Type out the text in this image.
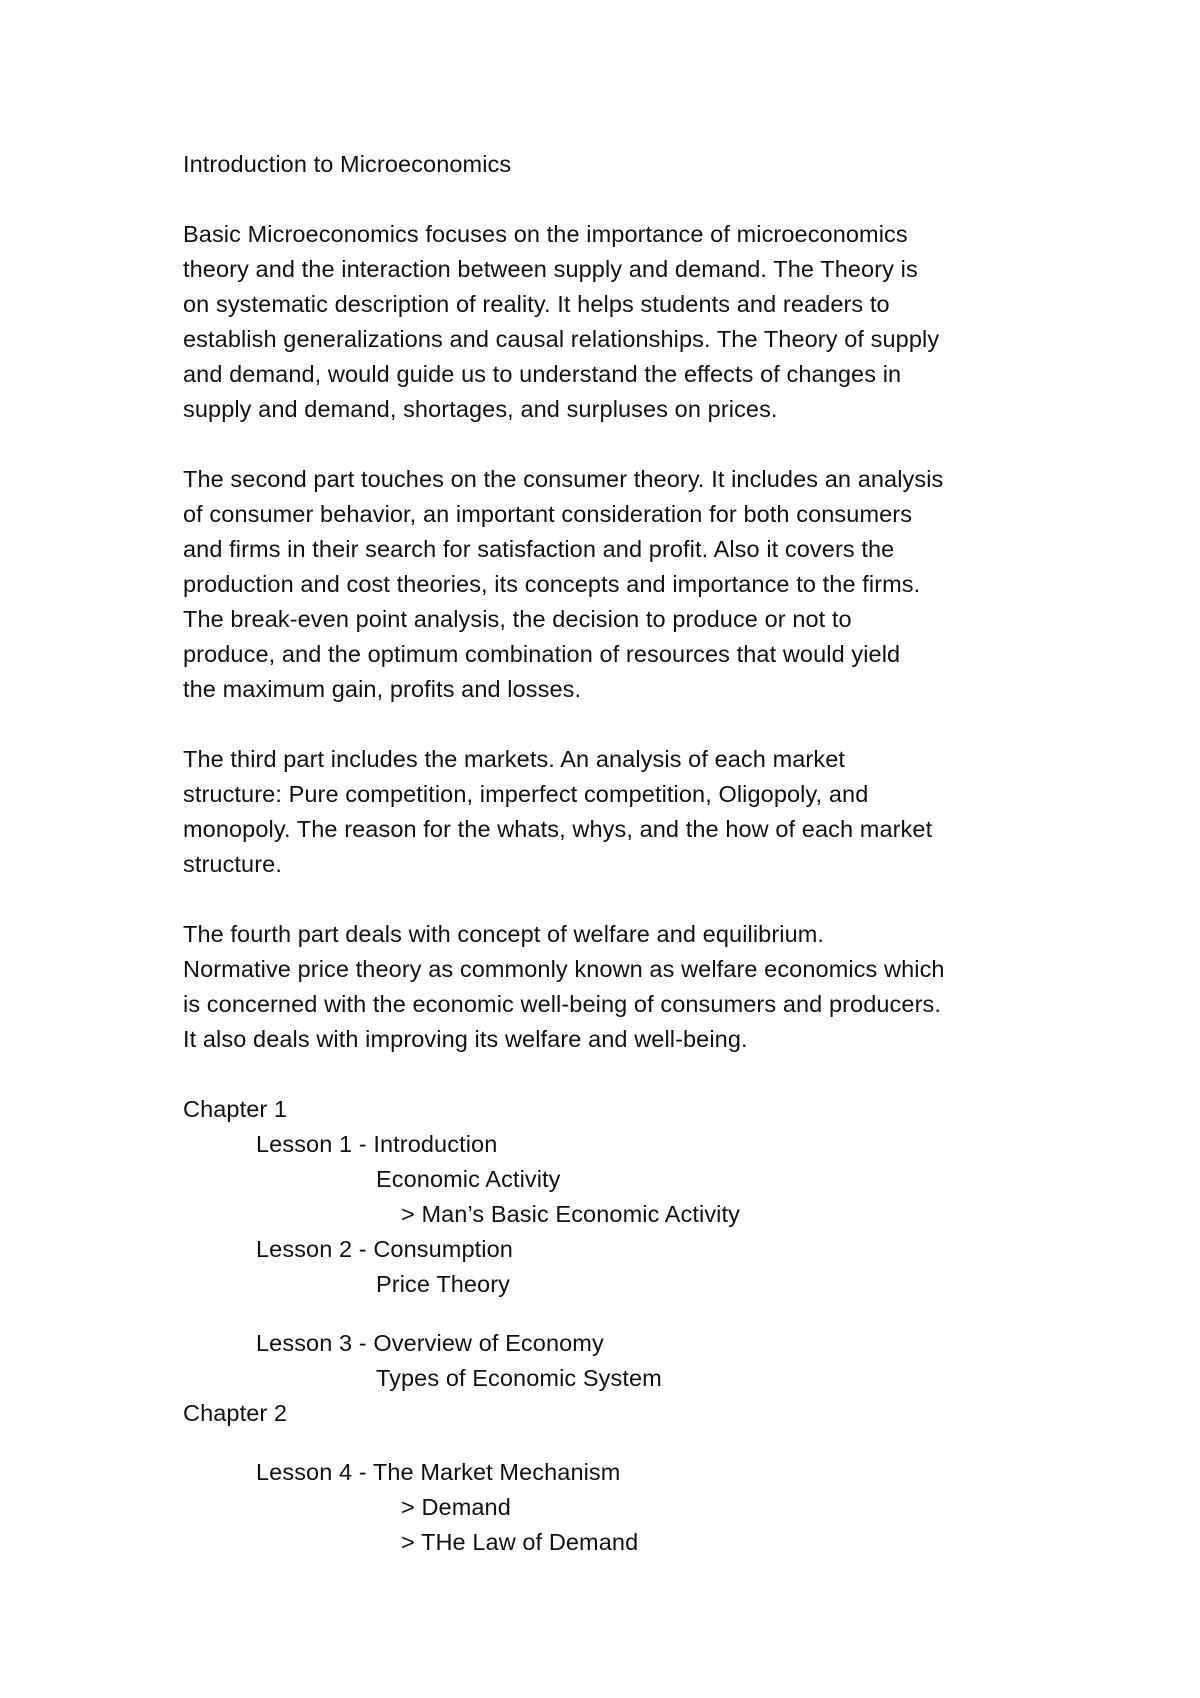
Introduction to Microeconomics
Basic Microeconomics focuses on the importance of microeconomics
theory and the interaction between supply and demand. The Theory is
on systematic description of reality. It helps students and readers to
establish generalizations and causal relationships. The Theory of supply
and demand, would guide us to understand the effects of changes in
supply and demand, shortages, and surpluses on prices.
The second part touches on the consumer theory. It includes an analysis
of consumer behavior, an important consideration for both consumers
and firms in their search for satisfaction and profit. Also it covers the
production and cost theories, its concepts and importance to the firms.
The break-even point analysis, the decision to produce or not to
produce, and the optimum combination of resources that would yield
the maximum gain, profits and losses.
The third part includes the markets. An analysis of each market
structure: Pure competition, imperfect competition, Oligopoly, and
monopoly. The reason for the whats, whys, and the how of each market
structure.
The fourth part deals with concept of welfare and equilibrium.
Normative price theory as commonly known as welfare economics which
is concerned with the economic well-being of consumers and producers.
It also deals with improving its welfare and well-being.
Chapter 1
Lesson 1 - Introduction
Economic Activity
> Man’s Basic Economic Activity
Lesson 2 - Consumption
Price Theory
Lesson 3 - Overview of Economy
Types of Economic System
Chapter 2
Lesson 4 - The Market Mechanism
> Demand
> THe Law of Demand
